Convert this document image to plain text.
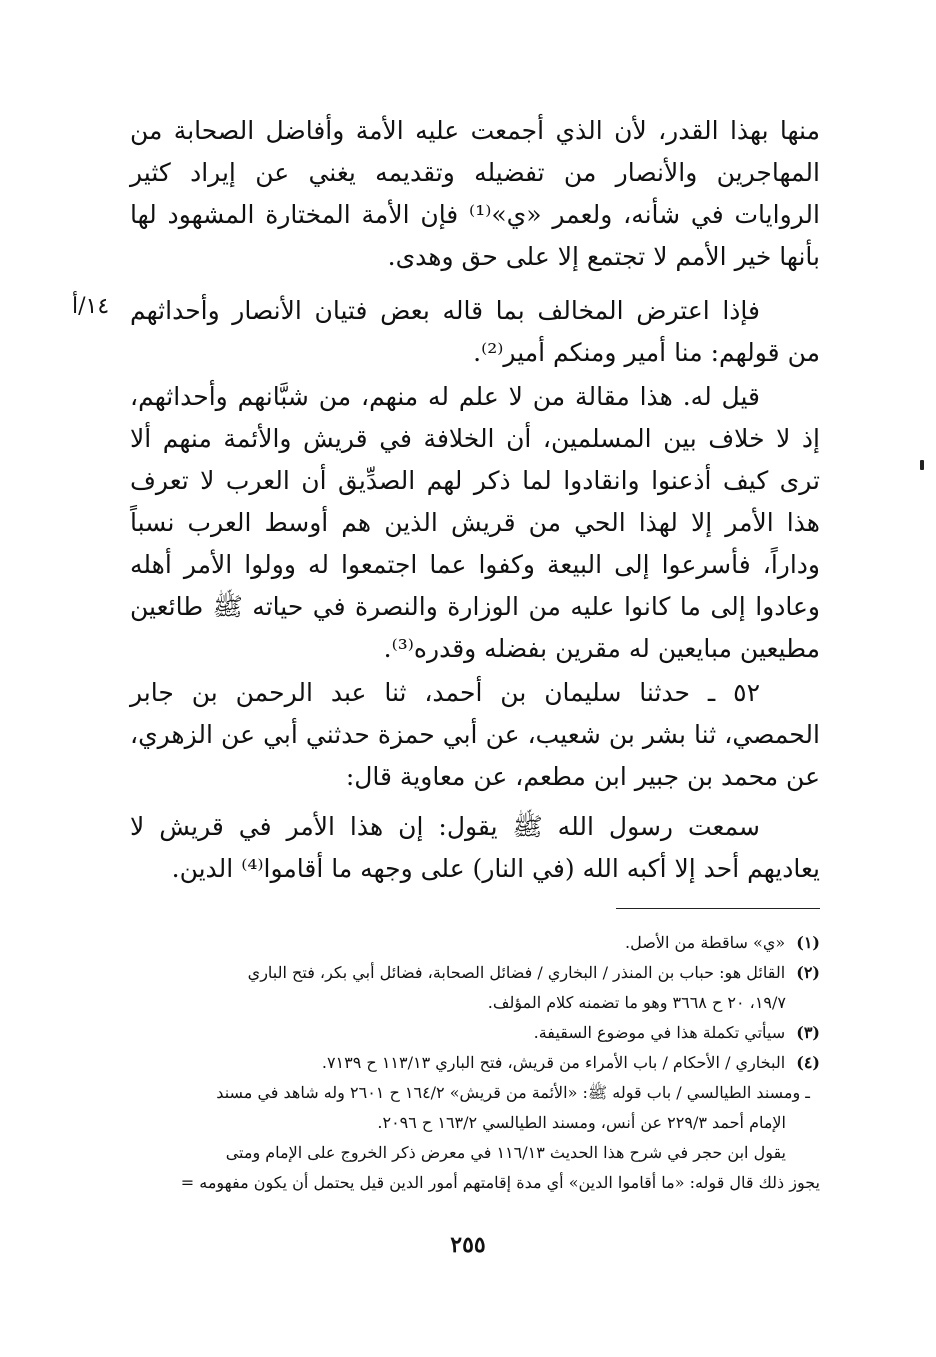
منها بهذا القدر، لأن الذي أجمعت عليه الأمة وأفاضل الصحابة من المهاجرين والأنصار من تفضيله وتقديمه يغني عن إيراد كثير الروايات في شأنه، ولعمر «ي»⁽¹⁾ فإن الأمة المختارة المشهود لها بأنها خير الأمم لا تجتمع إلا على حق وهدى.

فإذا اعترض المخالف بما قاله بعض فتيان الأنصار وأحداثهم من قولهم: منا أمير ومنكم أمير⁽²⁾.

١٤/أ

قيل له. هذا مقالة من لا علم له منهم، من شبَّانهم وأحداثهم، إذ لا خلاف بين المسلمين، أن الخلافة في قريش والأئمة منهم ألا ترى كيف أذعنوا وانقادوا لما ذكر لهم الصدِّيق أن العرب لا تعرف هذا الأمر إلا لهذا الحي من قريش الذين هم أوسط العرب نسباً وداراً، فأسرعوا إلى البيعة وكفوا عما اجتمعوا له وولوا الأمر أهله وعادوا إلى ما كانوا عليه من الوزارة والنصرة في حياته ﷺ طائعين مطيعين مبايعين له مقرين بفضله وقدره⁽³⁾.

٥٢ ـ حدثنا سليمان بن أحمد، ثنا عبد الرحمن بن جابر الحمصي، ثنا بشر بن شعيب، عن أبي حمزة حدثني أبي عن الزهري، عن محمد بن جبير ابن مطعم، عن معاوية قال:

سمعت رسول الله ﷺ يقول: إن هذا الأمر في قريش لا يعاديهم أحد إلا أكبه الله (في النار) على وجهه ما أقاموا⁽⁴⁾ الدين.

(١) «ي» ساقطة من الأصل.

(٢) القائل هو: حباب بن المنذر / البخاري / فضائل الصحابة، فضائل أبي بكر، فتح الباري

١٩/٧، ٢٠ ح ٣٦٦٨ وهو ما تضمنه كلام المؤلف.

(٣) سيأتي تكملة هذا في موضوع السقيفة.

(٤) البخاري / الأحكام / باب الأمراء من قريش، فتح الباري ١١٣/١٣ ح ٧١٣٩.

ـ ومسند الطيالسي / باب قوله ﷺ: «الأئمة من قريش» ١٦٤/٢ ح ٢٦٠١ وله شاهد في مسند

الإمام أحمد ٢٢٩/٣ عن أنس، ومسند الطيالسي ١٦٣/٢ ح ٢٠٩٦.

يقول ابن حجر في شرح هذا الحديث ١١٦/١٣ في معرض ذكر الخروج على الإمام ومتى

يجوز ذلك قال قوله: «ما أقاموا الدين» أي مدة إقامتهم أمور الدين قيل يحتمل أن يكون مفهومه =

٢٥٥
